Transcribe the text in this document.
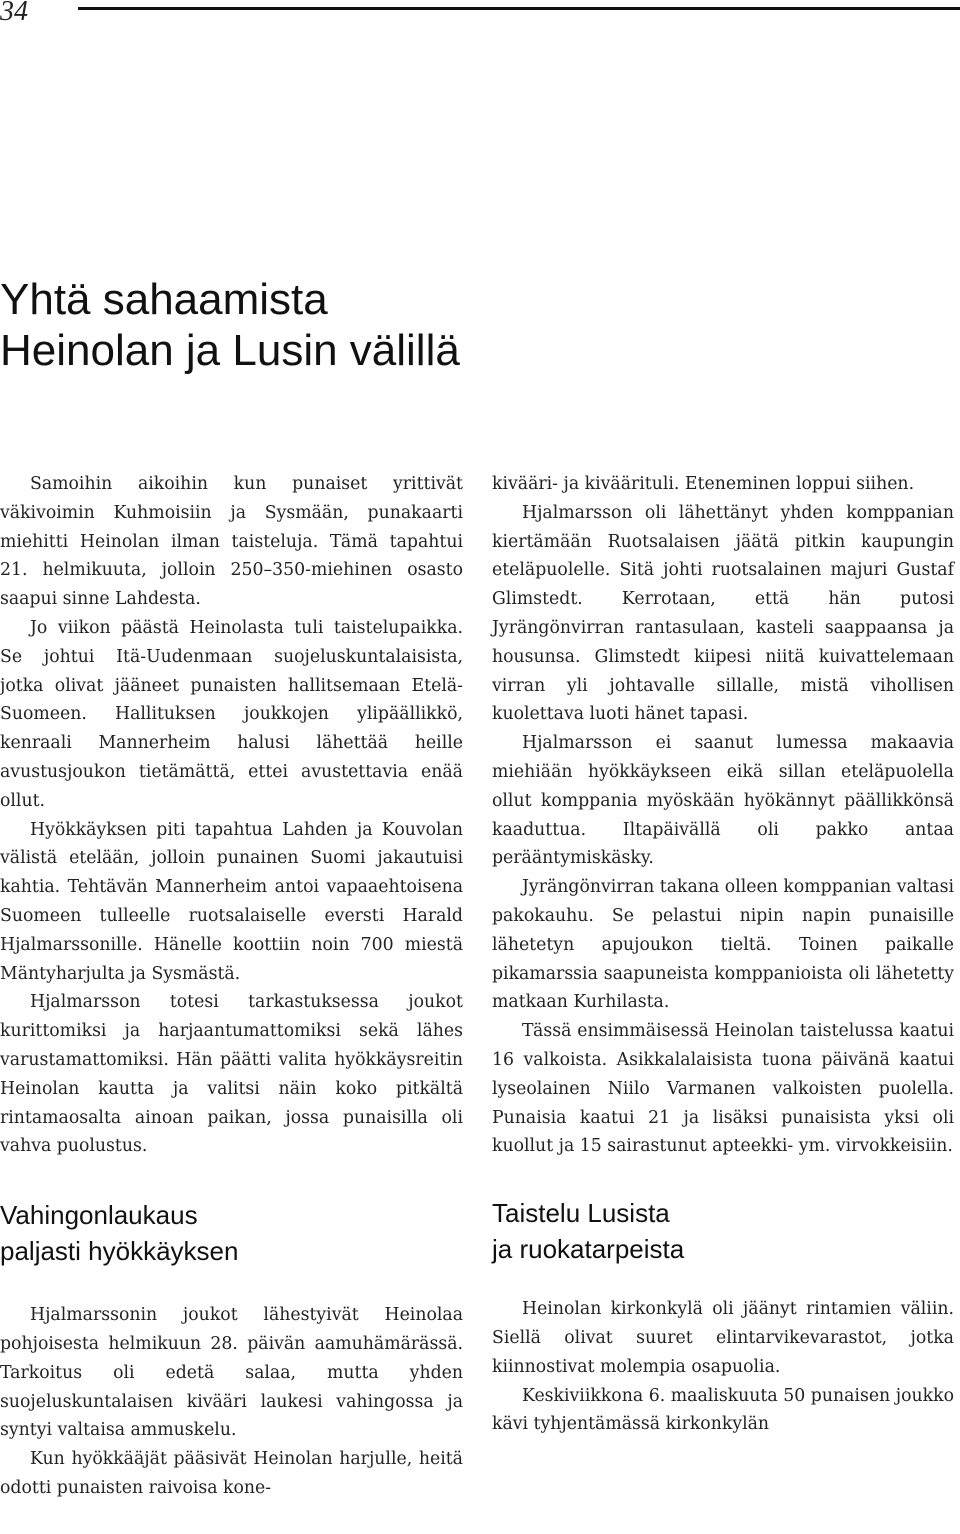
34
Yhtä sahaamista
Heinolan ja Lusin välillä

Samoihin aikoihin kun punaiset yrittivät väkivoimin Kuhmoisiin ja Sysmään, punakaarti miehitti Heinolan ilman taisteluja. Tämä tapahtui 21. helmikuuta, jolloin 250–350-miehinen osasto saapui sinne Lahdesta.

Jo viikon päästä Heinolasta tuli taistelupaikka. Se johtui Itä-Uudenmaan suojeluskuntalaisista, jotka olivat jääneet punaisten hallitsemaan Etelä-Suomeen. Hallituksen joukkojen ylipäällikkö, kenraali Mannerheim halusi lähettää heille avustusjoukon tietämättä, ettei avustettavia enää ollut.

Hyökkäyksen piti tapahtua Lahden ja Kouvolan välistä etelään, jolloin punainen Suomi jakautuisi kahtia. Tehtävän Mannerheim antoi vapaaehtoisena Suomeen tulleelle ruotsalaiselle eversti Harald Hjalmarssonille. Hänelle koottiin noin 700 miestä Mäntyharjulta ja Sysmästä.

Hjalmarsson totesi tarkastuksessa joukot kurittomiksi ja harjaantumattomiksi sekä lähes varustamattomiksi. Hän päätti valita hyökkäysreitin Heinolan kautta ja valitsi näin koko pitkältä rintamaosalta ainoan paikan, jossa punaisilla oli vahva puolustus.

Vahingonlaukaus
paljasti hyökkäyksen

Hjalmarssonin joukot lähestyivät Heinolaa pohjoisesta helmikuun 28. päivän aamuhämärässä. Tarkoitus oli edetä salaa, mutta yhden suojeluskuntalaisen kivääri laukesi vahingossa ja syntyi valtaisa ammuskelu.

Kun hyökkääjät pääsivät Heinolan harjulle, heitä odotti punaisten raivoisa kone-

kivääri- ja kiväärituli. Eteneminen loppui siihen.

Hjalmarsson oli lähettänyt yhden komppanian kiertämään Ruotsalaisen jäätä pitkin kaupungin eteläpuolelle. Sitä johti ruotsalainen majuri Gustaf Glimstedt. Kerrotaan, että hän putosi Jyrängönvirran rantasulaan, kasteli saappaansa ja housunsa. Glimstedt kiipesi niitä kuivattelemaan virran yli johtavalle sillalle, mistä vihollisen kuolettava luoti hänet tapasi.

Hjalmarsson ei saanut lumessa makaavia miehiään hyökkäykseen eikä sillan eteläpuolella ollut komppania myöskään hyökännyt päällikkönsä kaaduttua. Iltapäivällä oli pakko antaa perääntymiskäsky.

Jyrängönvirran takana olleen komppanian valtasi pakokauhu. Se pelastui nipin napin punaisille lähetetyn apujoukon tieltä. Toinen paikalle pikamarssia saapuneista komppanioista oli lähetetty matkaan Kurhilasta.

Tässä ensimmäisessä Heinolan taistelussa kaatui 16 valkoista. Asikkalalaisista tuona päivänä kaatui lyseolainen Niilo Varmanen valkoisten puolella. Punaisia kaatui 21 ja lisäksi punaisista yksi oli kuollut ja 15 sairastunut apteekki- ym. virvokkeisiin.

Taistelu Lusista
ja ruokatarpeista

Heinolan kirkonkylä oli jäänyt rintamien väliin. Siellä olivat suuret elintarvikevarastot, jotka kiinnostivat molempia osapuolia.

Keskiviikkona 6. maaliskuuta 50 punaisen joukko kävi tyhjentämässä kirkonkylän
